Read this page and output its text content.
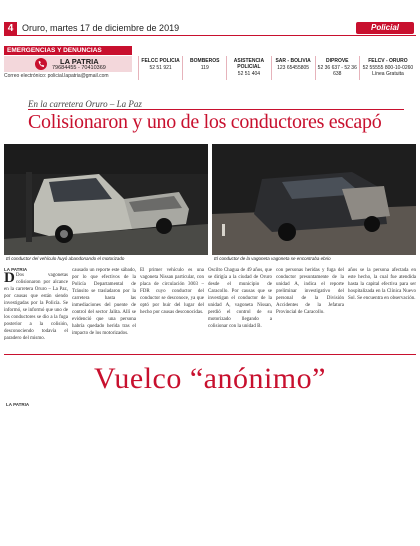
4 Oruro, martes 17 de diciembre de 2019	Policial
EMERGENCIAS Y DENUNCIAS
LA PATRIA
79684455 - 70410369
Correo electrónico: policial.lapatria@gmail.com
FELCC POLICIA
52 51 921
BOMBEROS
119
ASISTENCIA POLICIAL
52 51 404
SAR - BOLIVIA
123 65455805
DIPROVE
52 36 637 - 52 36 638
FELCV - ORURO
52 55555 800-10-0260 Línea Gratuita
En la carretera Oruro – La Paz
Colisionaron y uno de los conductores escapó
El conductor del vehículo huyó abandonando el motorizado	El conductor de la vagoneta vagoneta se encontraba ebrio
LA PATRIA
D Dos vagonetas colisionaron por alcance en la carretera Oruro – La Paz, por causas que están siendo investigadas por la Policía. Se informó, se informó que uno de los conductores se dio a la fuga posterior a la colisión, desconociendo todavía el paradero del mismo.
causado un reporte este sábado, por lo que efectivos de la Policía Departamental de Tránsito se trasladaron por la carretera hasta las inmediaciones del puente de control del sector Jalita. Allí se evidenció que una persona habría quedado herida tras el impacto de los motorizados.
El primer vehículo es una vagoneta Nissan particular, con placa de circulación 3003 – FDR cuyo conductor del conductor se desconoce, ya que optó por huir del lugar del hecho por causas desconocidas.
Oscilto Chagua de 49 años, que se dirigía a la ciudad de Oruro desde el municipio de Caracollo. Por causas que se investigan el conductor de la unidad A, vagoneta Nissan, perdió el control de su motorizado llegando a colisionar con la unidad B.
con personas heridas y fuga del conductor presuntamente de la unidad A, indica el reporte preliminar investigativo del personal de la División Accidentes de la Jefatura Provincial de Caracollo.
años se la persona afectada en este hecho, la cual fue atendida hasta la capital efectiva para ser hospitalizada en la Clínica Nuevo Sol. Se encuentra en observación.
Vuelco “anónimo”
LA PATRIA
